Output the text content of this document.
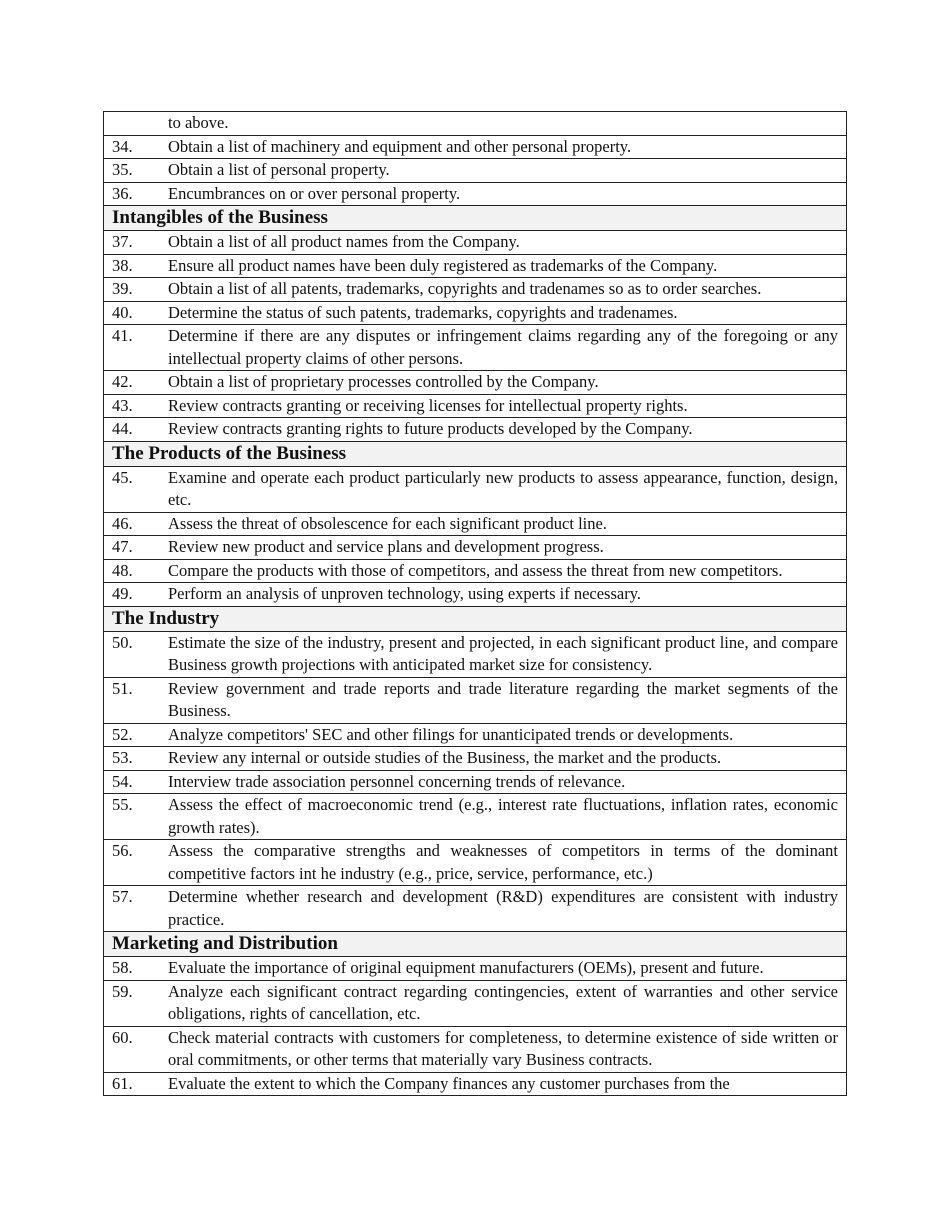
to above.

34.	Obtain a list of machinery and equipment and other personal property.

35.	Obtain a list of personal property.

36.	Encumbrances on or over personal property.

Intangibles of the Business

37.	Obtain a list of all product names from the Company.

38.	Ensure all product names have been duly registered as trademarks of the Company.

39.	Obtain a list of all patents, trademarks, copyrights and tradenames so as to order searches.

40.	Determine the status of such patents, trademarks, copyrights and tradenames.

41.	Determine if there are any disputes or infringement claims regarding any of the foregoing or any intellectual property claims of other persons.

42.	Obtain a list of proprietary processes controlled by the Company.

43.	Review contracts granting or receiving licenses for intellectual property rights.

44.	Review contracts granting rights to future products developed by the Company.

The Products of the Business

45.	Examine and operate each product particularly new products to assess appearance, function, design, etc.

46.	Assess the threat of obsolescence for each significant product line.

47.	Review new product and service plans and development progress.

48.	Compare the products with those of competitors, and assess the threat from new competitors.

49.	Perform an analysis of unproven technology, using experts if necessary.

The Industry

50.	Estimate the size of the industry, present and projected, in each significant product line, and compare Business growth projections with anticipated market size for consistency.

51.	Review government and trade reports and trade literature regarding the market segments of the Business.

52.	Analyze competitors' SEC and other filings for unanticipated trends or developments.

53.	Review any internal or outside studies of the Business, the market and the products.

54.	Interview trade association personnel concerning trends of relevance.

55.	Assess the effect of macroeconomic trend (e.g., interest rate fluctuations, inflation rates, economic growth rates).

56.	Assess the comparative strengths and weaknesses of competitors in terms of the dominant competitive factors int he industry (e.g., price, service, performance, etc.)

57.	Determine whether research and development (R&D) expenditures are consistent with industry practice.

Marketing and Distribution

58.	Evaluate the importance of original equipment manufacturers (OEMs), present and future.

59.	Analyze each significant contract regarding contingencies, extent of warranties and other service obligations, rights of cancellation, etc.

60.	Check material contracts with customers for completeness, to determine existence of side written or oral commitments, or other terms that materially vary Business contracts.

61.	Evaluate the extent to which the Company finances any customer purchases from the
